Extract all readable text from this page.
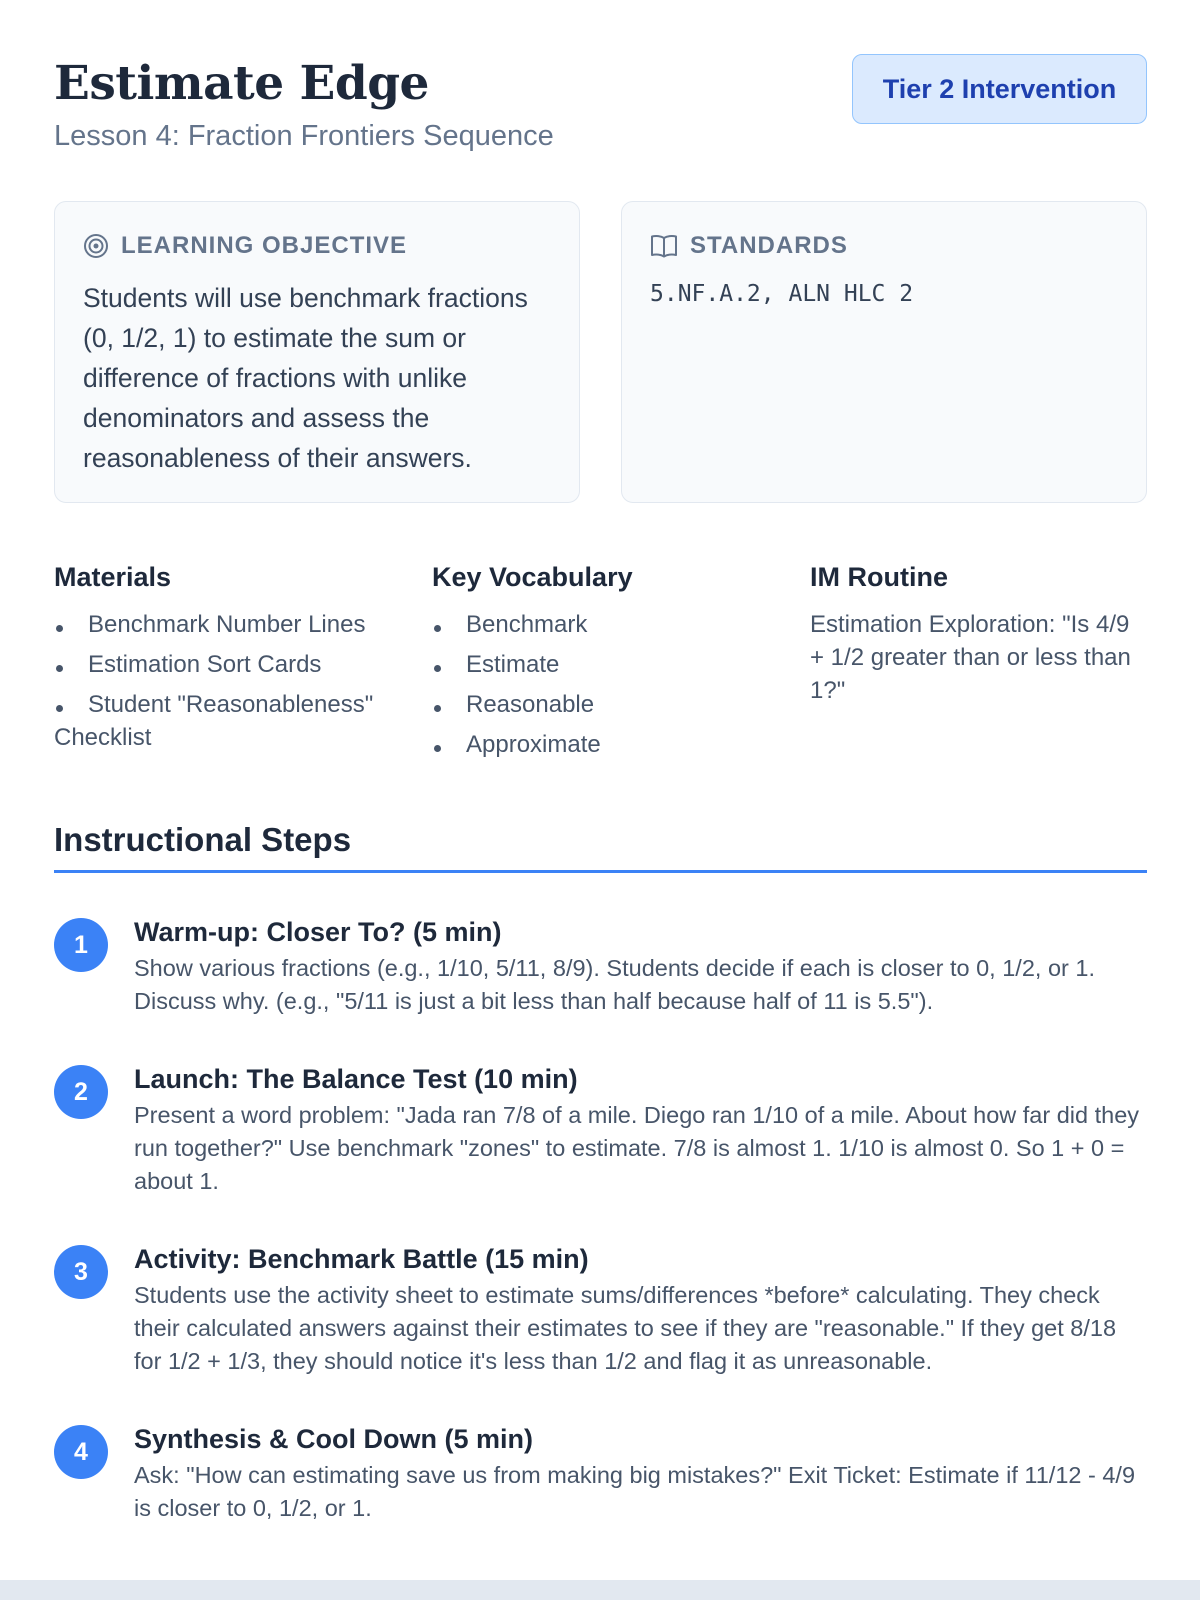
Estimate Edge
Lesson 4: Fraction Frontiers Sequence
Tier 2 Intervention
LEARNING OBJECTIVE
Students will use benchmark fractions (0, 1/2, 1) to estimate the sum or difference of fractions with unlike denominators and assess the reasonableness of their answers.
STANDARDS
5.NF.A.2, ALN HLC 2
Materials
Benchmark Number Lines
Estimation Sort Cards
Student "Reasonableness" Checklist
Key Vocabulary
Benchmark
Estimate
Reasonable
Approximate
IM Routine
Estimation Exploration: "Is 4/9 + 1/2 greater than or less than 1?"
Instructional Steps
1	Warm-up: Closer To? (5 min)

Show various fractions (e.g., 1/10, 5/11, 8/9). Students decide if each is closer to 0, 1/2, or 1. Discuss why. (e.g., "5/11 is just a bit less than half because half of 11 is 5.5").

2	Launch: The Balance Test (10 min)

Present a word problem: "Jada ran 7/8 of a mile. Diego ran 1/10 of a mile. About how far did they run together?" Use benchmark "zones" to estimate. 7/8 is almost 1. 1/10 is almost 0. So 1 + 0 = about 1.

3	Activity: Benchmark Battle (15 min)

Students use the activity sheet to estimate sums/differences *before* calculating. They check their calculated answers against their estimates to see if they are "reasonable." If they get 8/18 for 1/2 + 1/3, they should notice it's less than 1/2 and flag it as unreasonable.

4	Synthesis & Cool Down (5 min)

Ask: "How can estimating save us from making big mistakes?" Exit Ticket: Estimate if 11/12 - 4/9 is closer to 0, 1/2, or 1.
